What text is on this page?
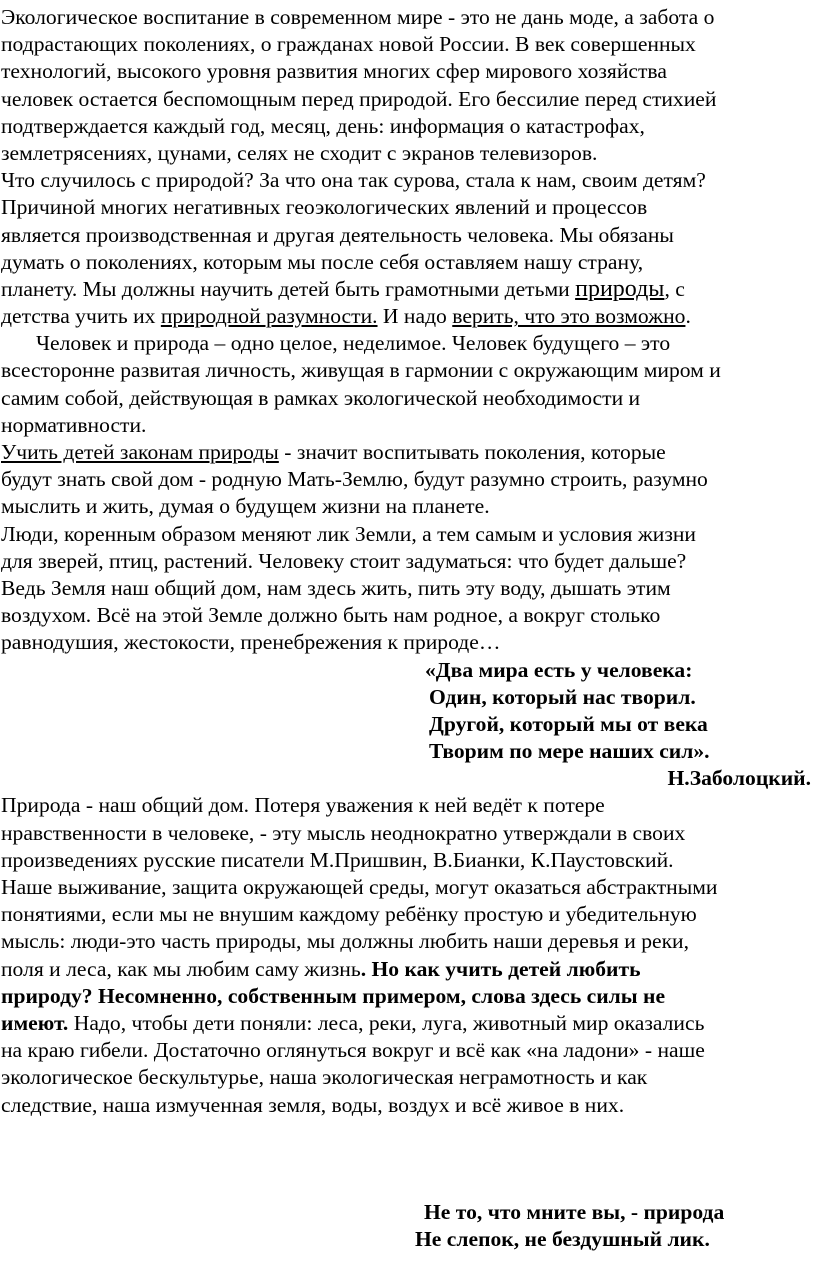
Экологическое воспитание в современном мире - это не дань моде, а забота о
подрастающих поколениях, о гражданах новой России. В век совершенных
технологий, высокого уровня развития многих сфер мирового хозяйства
человек остается беспомощным перед природой. Его бессилие перед стихией
подтверждается каждый год, месяц, день: информация о катастрофах,
землетрясениях, цунами, селях не сходит с экранов телевизоров.
Что случилось с природой? За что она так сурова, стала к нам, своим детям?
Причиной многих негативных геоэкологических явлений и процессов
является производственная и другая деятельность человека. Мы обязаны
думать о поколениях, которым мы после себя оставляем нашу страну,
планету. Мы должны научить детей быть грамотными детьми природы, с
детства учить их природной разумности. И надо верить, что это возможно.
Человек и природа – одно целое, неделимое. Человек будущего – это
всесторонне развитая личность, живущая в гармонии с окружающим миром и
самим собой, действующая в рамках экологической необходимости и
нормативности.
Учить детей законам природы - значит воспитывать поколения, которые
будут знать свой дом - родную Мать-Землю, будут разумно строить, разумно
мыслить и жить, думая о будущем жизни на планете.
Люди, коренным образом меняют лик Земли, а тем самым и условия жизни
для зверей, птиц, растений. Человеку стоит задуматься: что будет дальше?
Ведь Земля наш общий дом, нам здесь жить, пить эту воду, дышать этим
воздухом. Всё на этой Земле должно быть нам родное, а вокруг столько
равнодушия, жестокости, пренебрежения к природе…
«Два мира есть у человека:
Один, который нас творил.
Другой, который мы от века
Творим по мере наших сил».
Н.Заболоцкий.
Природа - наш общий дом. Потеря уважения к ней ведёт к потере
нравственности в человеке, - эту мысль неоднократно утверждали в своих
произведениях русские писатели М.Пришвин, В.Бианки, К.Паустовский.
Наше выживание, защита окружающей среды, могут оказаться абстрактными
понятиями, если мы не внушим каждому ребёнку простую и убедительную
мысль: люди-это часть природы, мы должны любить наши деревья и реки,
поля и леса, как мы любим саму жизнь. Но как учить детей любить
природу? Несомненно, собственным примером, слова здесь силы не
имеют. Надо, чтобы дети поняли: леса, реки, луга, животный мир оказались
на краю гибели. Достаточно оглянуться вокруг и всё как «на ладони» - наше
экологическое бескультурье, наша экологическая неграмотность и как
следствие, наша измученная земля, воды, воздух и всё живое в них.
Не то, что мните вы, - природа
Не слепок, не бездушный лик.
